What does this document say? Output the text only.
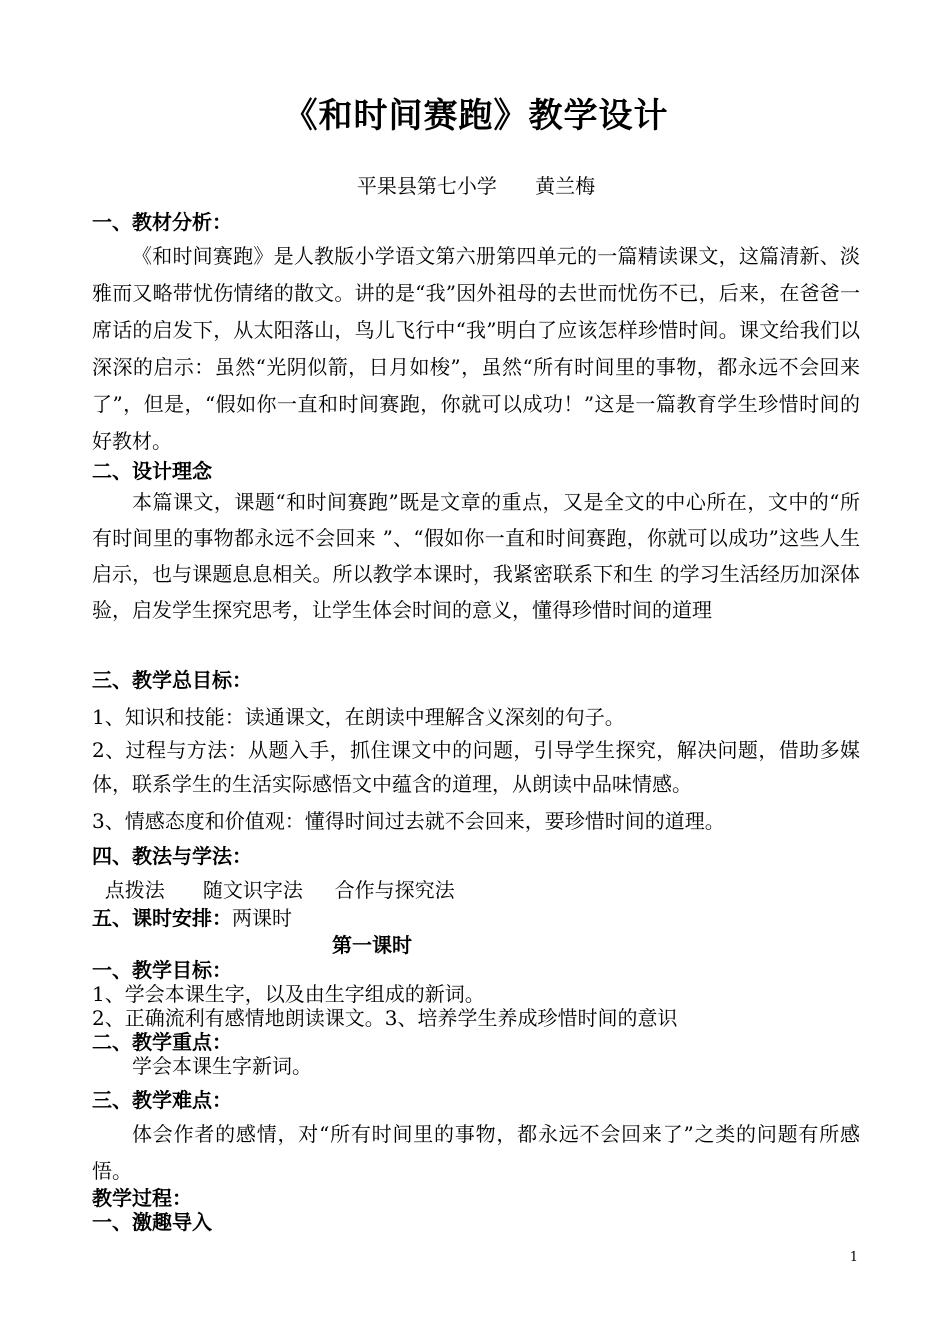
《和时间赛跑》教学设计
平果县第七小学      黄兰梅
一、教材分析：
《和时间赛跑》是人教版小学语文第六册第四单元的一篇精读课文，这篇清新、淡雅而又略带忧伤情绪的散文。讲的是“我”因外祖母的去世而忧伤不已，后来，在爸爸一席话的启发下，从太阳落山，鸟儿飞行中“我”明白了应该怎样珍惜时间。课文给我们以深深的启示：虽然“光阴似箭，日月如梭”，虽然“所有时间里的事物，都永远不会回来了”，但是，“假如你一直和时间赛跑，你就可以成功！”这是一篇教育学生珍惜时间的好教材。
二、设计理念
本篇课文，课题“和时间赛跑”既是文章的重点，又是全文的中心所在，文中的“所有时间里的事物都永远不会回来 ”、“假如你一直和时间赛跑，你就可以成功”这些人生启示，也与课题息息相关。所以教学本课时，我紧密联系下和生 的学习生活经历加深体验，启发学生探究思考，让学生体会时间的意义，懂得珍惜时间的道理
三、教学总目标：
1、知识和技能：读通课文，在朗读中理解含义深刻的句子。
2、过程与方法：从题入手，抓住课文中的问题，引导学生探究，解决问题，借助多媒体，联系学生的生活实际感悟文中蕴含的道理，从朗读中品味情感。
3、情感态度和价值观：懂得时间过去就不会回来，要珍惜时间的道理。
四、教法与学法：
点拨法      随文识字法     合作与探究法
五、课时安排：两课时
第一课时
一、教学目标：
1、学会本课生字，以及由生字组成的新词。
2、正确流利有感情地朗读课文。3、培养学生养成珍惜时间的意识
二、教学重点：
学会本课生字新词。
三、教学难点：
体会作者的感情，对“所有时间里的事物，都永远不会回来了”之类的问题有所感悟。
教学过程：
一、激趣导入
1
